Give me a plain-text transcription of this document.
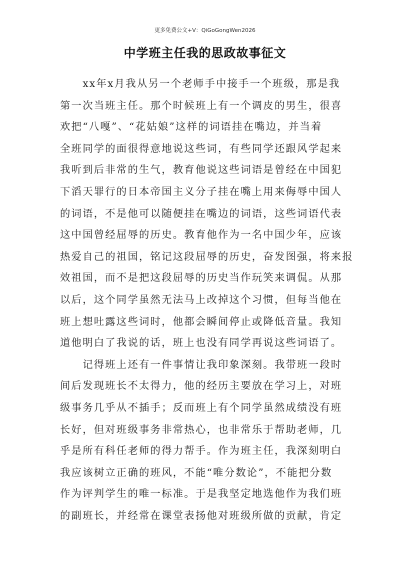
更多免费公文+V：QiGoGongWen2026
中学班主任我的思政故事征文
　　xx年x月我从另一个老师手中接手一个班级，那是我
第一次当班主任。那个时候班上有一个调皮的男生，很喜
欢把“八嘎”、“花姑娘”这样的词语挂在嘴边，并当着
全班同学的面很得意地说这些词，有些同学还跟风学起来
我听到后非常的生气，教育他说这些词语是曾经在中国犯
下滔天罪行的日本帝国主义分子挂在嘴上用来侮辱中国人
的词语，不是他可以随便挂在嘴边的词语，这些词语代表
这中国曾经屈辱的历史。教育他作为一名中国少年，应该
热爱自己的祖国，铭记这段屈辱的历史，奋发图强，将来报
效祖国，而不是把这段屈辱的历史当作玩笑来调侃。从那
以后，这个同学虽然无法马上改掉这个习惯，但每当他在
班上想吐露这些词时，他都会瞬间停止或降低音量。我知
道他明白了我说的话，班上也没有同学再说这些词语了。
　　记得班上还有一件事情让我印象深刻。我带班一段时
间后发现班长不太得力，他的经历主要放在学习上，对班
级事务几乎从不插手；反而班上有个同学虽然成绩没有班
长好，但对班级事务非常热心，也非常乐于帮助老师，几
乎是所有科任老师的得力帮手。作为班主任，我深刻明白
我应该树立正确的班风，不能“唯分数论”，不能把分数
作为评判学生的唯一标准。于是我坚定地选他作为我们班
的副班长，并经常在课堂表扬他对班级所做的贡献，肯定
